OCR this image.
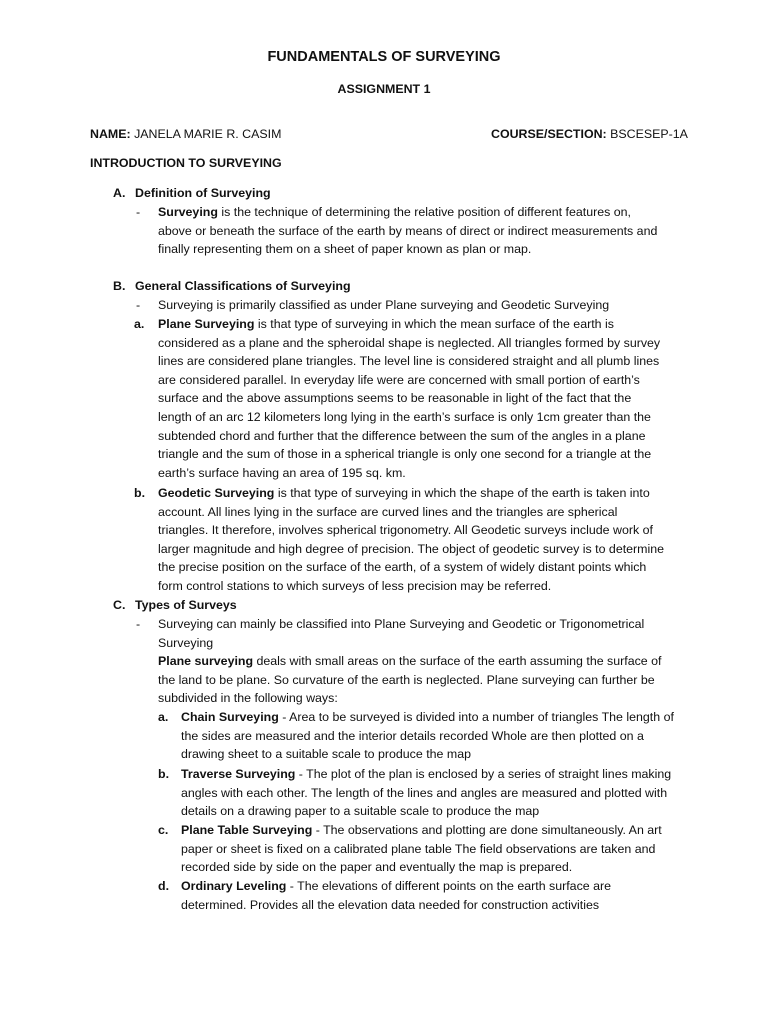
FUNDAMENTALS OF SURVEYING
ASSIGNMENT 1
NAME: JANELA MARIE R. CASIM	COURSE/SECTION: BSCESEP-1A
INTRODUCTION TO SURVEYING
A. Definition of Surveying
- Surveying is the technique of determining the relative position of different features on,
above or beneath the surface of the earth by means of direct or indirect measurements and
finally representing them on a sheet of paper known as plan or map.
B. General Classifications of Surveying
- Surveying is primarily classified as under Plane surveying and Geodetic Surveying
a. Plane Surveying is that type of surveying in which the mean surface of the earth is
considered as a plane and the spheroidal shape is neglected. All triangles formed by survey
lines are considered plane triangles. The level line is considered straight and all plumb lines
are considered parallel. In everyday life were are concerned with small portion of earth’s
surface and the above assumptions seems to be reasonable in light of the fact that the
length of an arc 12 kilometers long lying in the earth’s surface is only 1cm greater than the
subtended chord and further that the difference between the sum of the angles in a plane
triangle and the sum of those in a spherical triangle is only one second for a triangle at the
earth’s surface having an area of 195 sq. km.
b. Geodetic Surveying is that type of surveying in which the shape of the earth is taken into
account. All lines lying in the surface are curved lines and the triangles are spherical
triangles. It therefore, involves spherical trigonometry. All Geodetic surveys include work of
larger magnitude and high degree of precision. The object of geodetic survey is to determine
the precise position on the surface of the earth, of a system of widely distant points which
form control stations to which surveys of less precision may be referred.
C. Types of Surveys
- Surveying can mainly be classified into Plane Surveying and Geodetic or Trigonometrical
Surveying
Plane surveying deals with small areas on the surface of the earth assuming the surface of
the land to be plane. So curvature of the earth is neglected. Plane surveying can further be
subdivided in the following ways:
a. Chain Surveying - Area to be surveyed is divided into a number of triangles The length of
the sides are measured and the interior details recorded Whole are then plotted on a
drawing sheet to a suitable scale to produce the map
b. Traverse Surveying - The plot of the plan is enclosed by a series of straight lines making
angles with each other. The length of the lines and angles are measured and plotted with
details on a drawing paper to a suitable scale to produce the map
c. Plane Table Surveying - The observations and plotting are done simultaneously. An art
paper or sheet is fixed on a calibrated plane table The field observations are taken and
recorded side by side on the paper and eventually the map is prepared.
d. Ordinary Leveling - The elevations of different points on the earth surface are
determined. Provides all the elevation data needed for construction activities
